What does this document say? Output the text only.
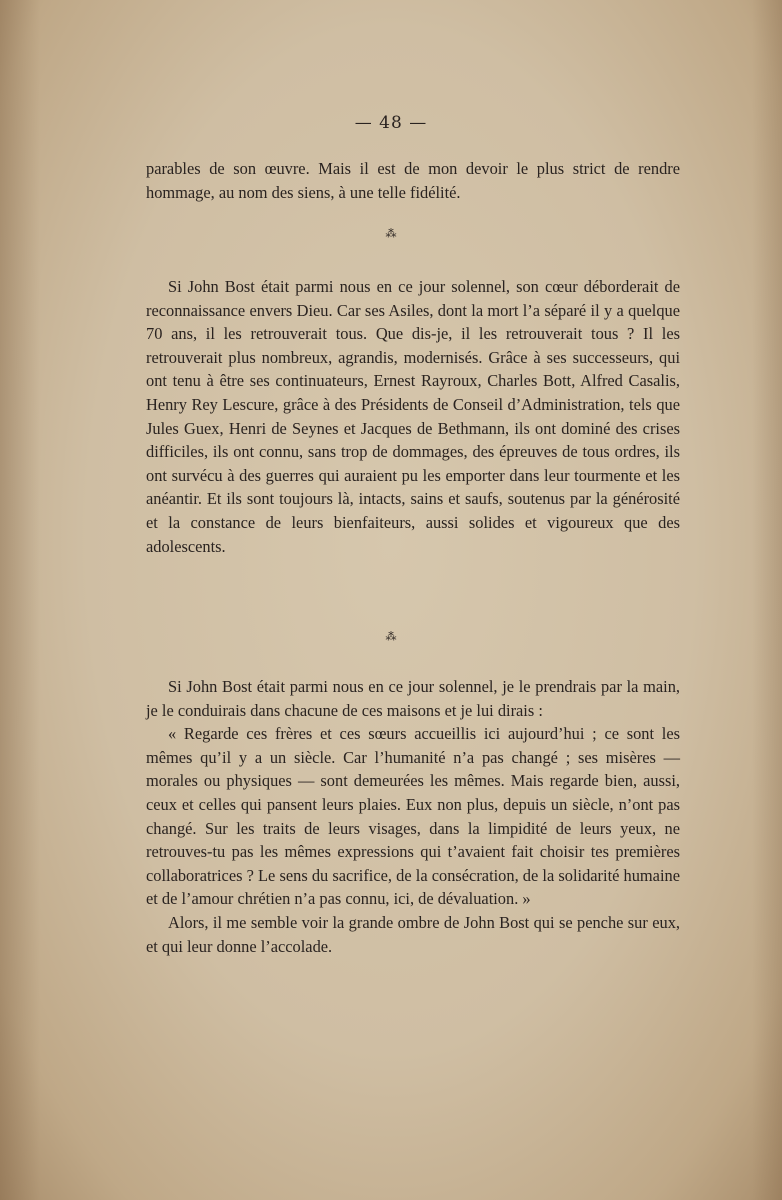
— 48 —

parables de son œuvre. Mais il est de mon devoir le plus strict de rendre hommage, au nom des siens, à une telle fidélité.

⁂

Si John Bost était parmi nous en ce jour solennel, son cœur déborderait de reconnaissance envers Dieu. Car ses Asiles, dont la mort l’a séparé il y a quelque 70 ans, il les retrouverait tous. Que dis-je, il les retrouverait tous ? Il les retrouverait plus nombreux, agrandis, modernisés. Grâce à ses successeurs, qui ont tenu à être ses continuateurs, Ernest Rayroux, Charles Bott, Alfred Casalis, Henry Rey Lescure, grâce à des Présidents de Conseil d’Administration, tels que Jules Guex, Henri de Seynes et Jacques de Bethmann, ils ont dominé des crises difficiles, ils ont connu, sans trop de dommages, des épreuves de tous ordres, ils ont survécu à des guerres qui auraient pu les emporter dans leur tourmente et les anéantir. Et ils sont toujours là, intacts, sains et saufs, soutenus par la générosité et la constance de leurs bienfaiteurs, aussi solides et vigoureux que des adolescents.

⁂

Si John Bost était parmi nous en ce jour solennel, je le prendrais par la main, je le conduirais dans chacune de ces maisons et je lui dirais :

« Regarde ces frères et ces sœurs accueillis ici aujourd’hui ; ce sont les mêmes qu’il y a un siècle. Car l’humanité n’a pas changé ; ses misères — morales ou physiques — sont demeurées les mêmes. Mais regarde bien, aussi, ceux et celles qui pansent leurs plaies. Eux non plus, depuis un siècle, n’ont pas changé. Sur les traits de leurs visages, dans la limpidité de leurs yeux, ne retrouves-tu pas les mêmes expressions qui t’avaient fait choisir tes premières collaboratrices ? Le sens du sacrifice, de la consécration, de la solidarité humaine et de l’amour chrétien n’a pas connu, ici, de dévaluation. »

Alors, il me semble voir la grande ombre de John Bost qui se penche sur eux, et qui leur donne l’accolade.
